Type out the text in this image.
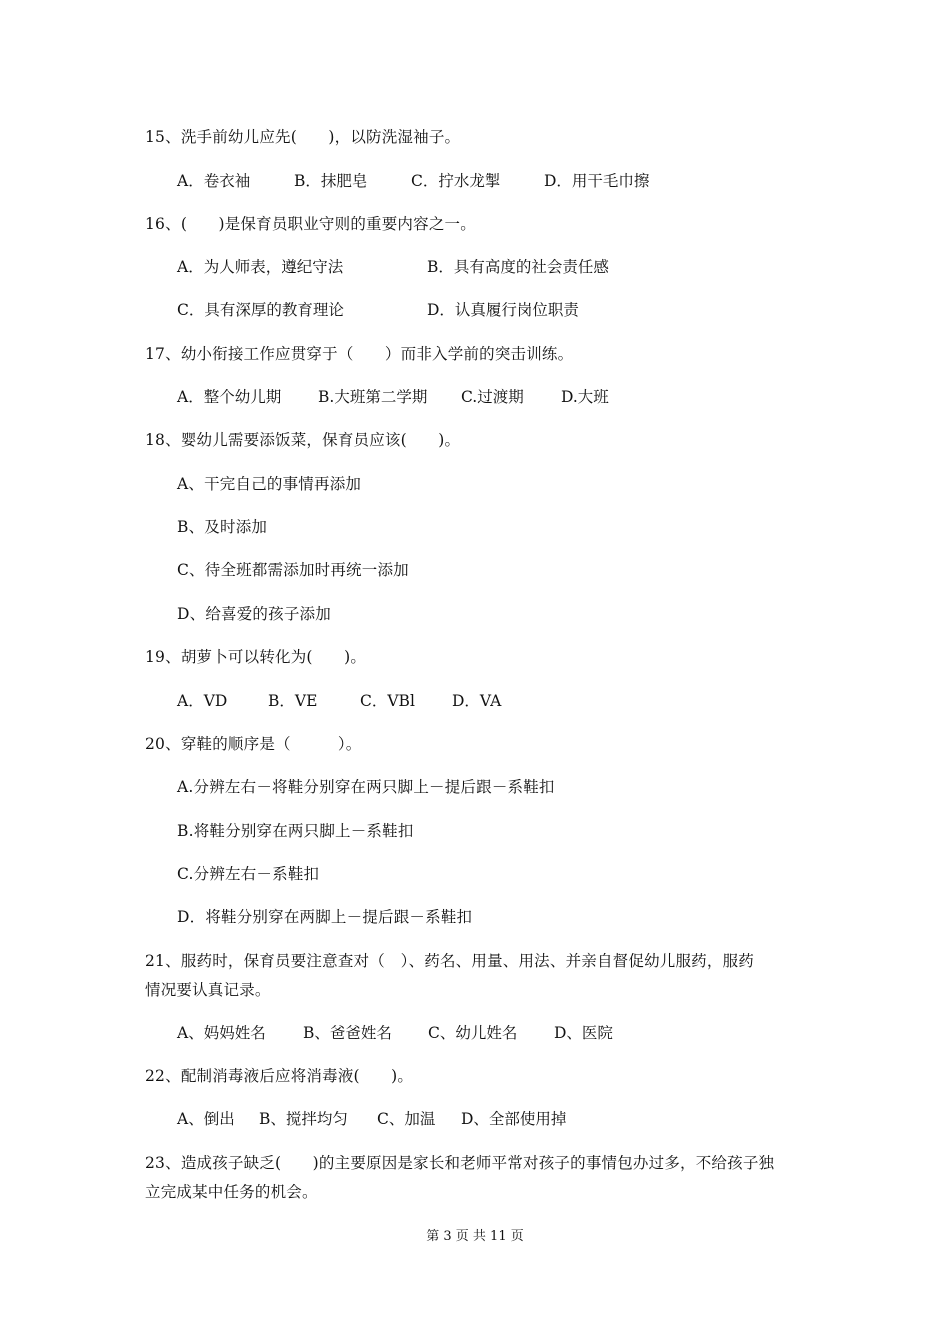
15、洗手前幼儿应先(　　)，以防洗湿袖子。

A．卷衣袖

	B．抹肥皂

	C．拧水龙掣

	D．用干毛巾擦

16、(　　)是保育员职业守则的重要内容之一。

A．为人师表，遵纪守法

	B．具有高度的社会责任感

C．具有深厚的教育理论

	D．认真履行岗位职责

17、幼小衔接工作应贯穿于（　　）而非入学前的突击训练。

A．整个幼儿期

B.大班第二学期

C.过渡期

D.大班

18、婴幼儿需要添饭菜，保育员应该(　　)。
A、干完自己的事情再添加
B、及时添加
C、待全班都需添加时再统一添加
D、给喜爱的孩子添加
19、胡萝卜可以转化为(　　)。

A．VD

	B．VE

	C．VBl

D．VA

20、穿鞋的顺序是（　　　）。
A.分辨左右－将鞋分别穿在两只脚上－提后跟－系鞋扣
B.将鞋分别穿在两只脚上－系鞋扣
C.分辨左右－系鞋扣
D．将鞋分别穿在两脚上－提后跟－系鞋扣
21、服药时，保育员要注意查对（　）、药名、用量、用法、并亲自督促幼儿服药，服药
情况要认真记录。

A、妈妈姓名

B、爸爸姓名

C、幼儿姓名

D、医院

22、配制消毒液后应将消毒液(　　)。

A、倒出

B、搅拌均匀

C、加温

D、全部使用掉

23、造成孩子缺乏(　　)的主要原因是家长和老师平常对孩子的事情包办过多，不给孩子独
立完成某中任务的机会。
第 3 页 共 11 页
